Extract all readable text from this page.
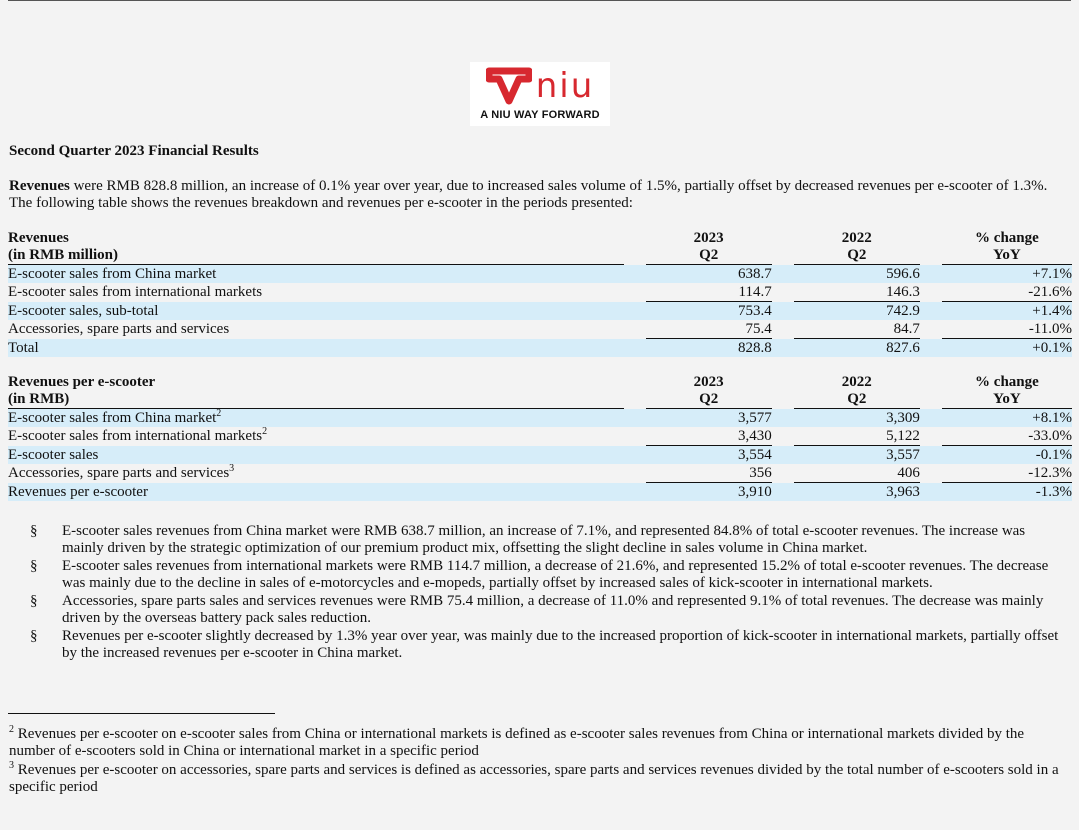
niu
A NIU WAY FORWARD
Second Quarter 2023 Financial Results
Revenues were RMB 828.8 million, an increase of 0.1% year over year, due to increased sales volume of 1.5%, partially offset by decreased revenues per e-scooter of 1.3%. The following table shows the revenues breakdown and revenues per e-scooter in the periods presented:
Revenues		2023		2022		% change
(in RMB million)		Q2		Q2		YoY
E-scooter sales from China market		638.7		596.6		+7.1%
E-scooter sales from international markets		114.7		146.3		-21.6%
E-scooter sales, sub-total		753.4		742.9		+1.4%
Accessories, spare parts and services		75.4		84.7		-11.0%
Total		828.8		827.6		+0.1%
Revenues per e-scooter		2023		2022		% change
(in RMB)		Q2		Q2		YoY
E-scooter sales from China market$^2$		3,577		3,309		+8.1%
E-scooter sales from international markets$^2$		3,430		5,122		-33.0%
E-scooter sales		3,554		3,557		-0.1%
Accessories, spare parts and services$^3$		356		406		-12.3%
Revenues per e-scooter		3,910		3,963		-1.3%
§	E-scooter sales revenues from China market were RMB 638.7 million, an increase of 7.1%, and represented 84.8% of total e-scooter revenues. The increase was mainly driven by the strategic optimization of our premium product mix, offsetting the slight decline in sales volume in China market.
§	E-scooter sales revenues from international markets were RMB 114.7 million, a decrease of 21.6%, and represented 15.2% of total e-scooter revenues. The decrease was mainly due to the decline in sales of e-motorcycles and e-mopeds, partially offset by increased sales of kick-scooter in international markets.
§	Accessories, spare parts sales and services revenues were RMB 75.4 million, a decrease of 11.0% and represented 9.1% of total revenues. The decrease was mainly driven by the overseas battery pack sales reduction.
§	Revenues per e-scooter slightly decreased by 1.3% year over year, was mainly due to the increased proportion of kick-scooter in international markets, partially offset by the increased revenues per e-scooter in China market.
$^2$ Revenues per e-scooter on e-scooter sales from China or international markets is defined as e-scooter sales revenues from China or international markets divided by the number of e-scooters sold in China or international market in a specific period
$^3$ Revenues per e-scooter on accessories, spare parts and services is defined as accessories, spare parts and services revenues divided by the total number of e-scooters sold in a specific period
